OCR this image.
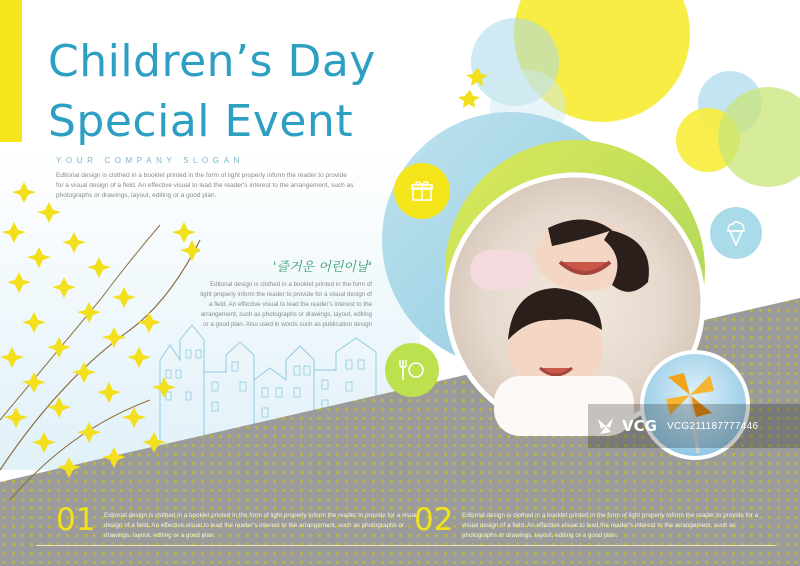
Children’s Day
Special Event
YOUR COMPANY SLOGAN
Editorial design is clothed in a booklet printed in the form of light properly inform the reader to provide for a visual design of a field. An effective visual to lead the reader's interest to the arrangement, such as photographs or drawings, layout, editing or a good plan.
'즐거운 어린이날'
Editorial design is clothed in a booklet printed in the form of light properly inform the reader to provide for a visual design of a field. An effective visual to lead the reader's interest to the arrangement, such as photographs or drawings, layout, editing or a good plan. Also used in words such as publication design
01 Editorial design is clothed in a booklet printed in the form of light properly inform the reader to provide for a visual design of a field. An effective visual to lead the reader's interest to the arrangement, such as photographs or drawings, layout, editing or a good plan.	02 Editorial design is clothed in a booklet printed in the form of light properly inform the reader to provide for a visual design of a field. An effective visual to lead the reader's interest to the arrangement, such as photographs or drawings, layout, editing or a good plan.
VCG VCG211187777446
